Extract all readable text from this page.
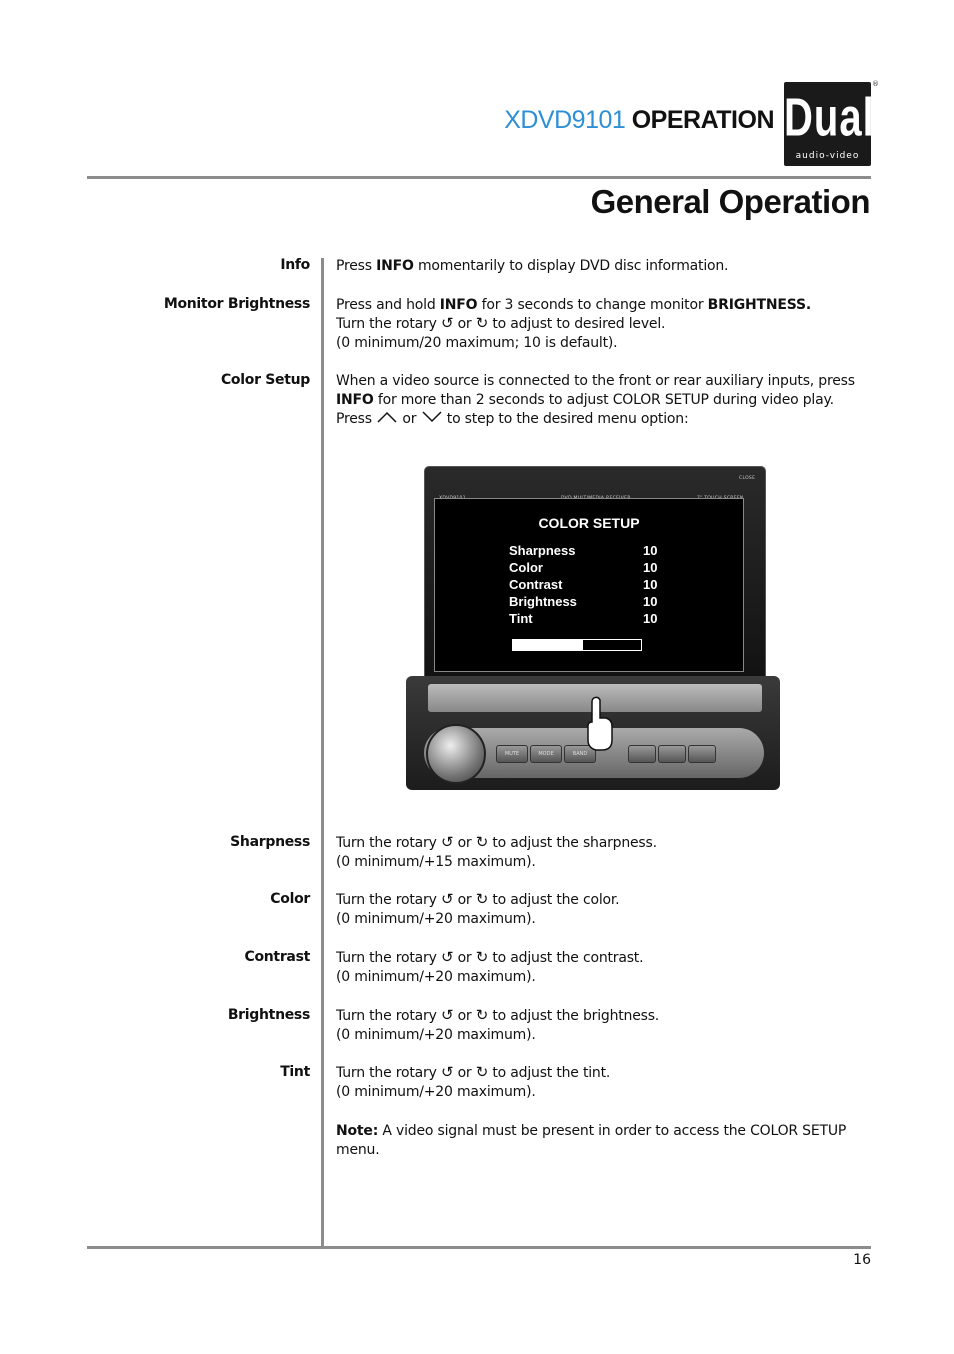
XDVD9101 OPERATION Dual
audio-video
®
General Operation
Info Press INFO momentarily to display DVD disc information.
Monitor Brightness Press and hold INFO for 3 seconds to change monitor BRIGHTNESS.
Turn the rotary ↺ or ↻ to adjust to desired level.
(0 minimum/20 maximum; 10 is default).
Color Setup When a video source is connected to the front or rear auxiliary inputs, press
INFO for more than 2 seconds to adjust COLOR SETUP during video play.
Press  or  to step to the desired menu option:
CLOSE
COLOR SETUP
Sharpness	10
Color	10
Contrast	10
Brightness	10
Tint	10
MUTE	MODE	BAND
Sharpness Turn the rotary ↺ or ↻ to adjust the sharpness.
(0 minimum/+15 maximum).
Color Turn the rotary ↺ or ↻ to adjust the color.
(0 minimum/+20 maximum).
Contrast Turn the rotary ↺ or ↻ to adjust the contrast.
(0 minimum/+20 maximum).
Brightness Turn the rotary ↺ or ↻ to adjust the brightness.
(0 minimum/+20 maximum).
Tint Turn the rotary ↺ or ↻ to adjust the tint.
(0 minimum/+20 maximum).
Note: A video signal must be present in order to access the COLOR SETUP
menu.
16
